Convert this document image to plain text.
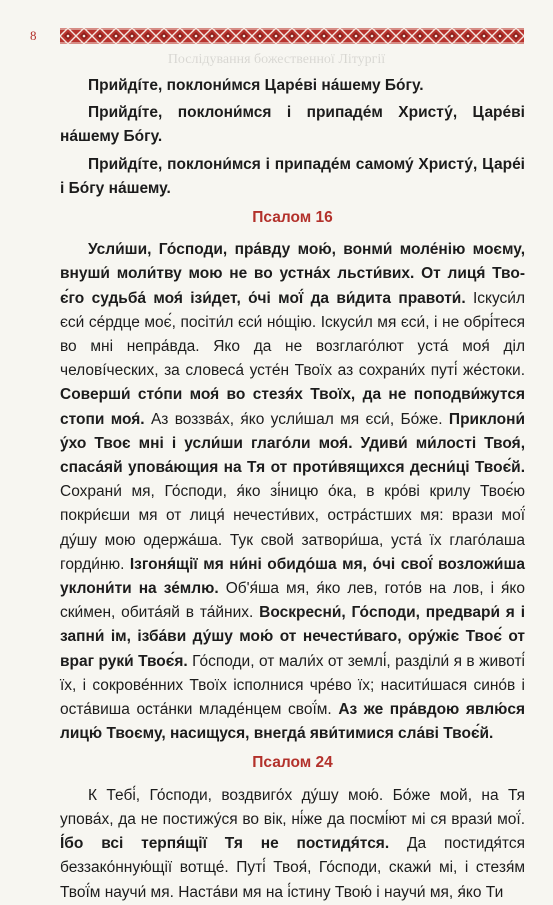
8
Послідування божественної Літургії

Прийдíте, поклони́мся Царе́ві на́шему Бо́гу.

Прийдíте, поклони́мся і припаде́м Христу́, Царе́ві на́шему Бо́гу.

Прийдíте, поклони́мся і припаде́м самому́ Христу́, Царе́і і Бо́гу на́шему.

Псалом 16

Усли́ши, Го́споди, пра́вду мою́, вонми́ моле́нію моєму, внуши́ моли́тву мою не во устна́х льсти́вих. От лиця́ Тво-є́го судьба́ моя́ ізи́дет, о́чі мої́ да ви́дита правоти́. Іскуси́л єси́ се́рдце моє́, посіти́л єси́ но́щію. Іскуси́л мя єси́, і не обрі́теся во мні непра́вда. Яко да не возглаго́лют уста́ моя́ діл человíческих, за словеса́ усте́н Твоїх аз сохрани́х путі́ же́стоки. Соверши́ сто́пи моя́ во стезя́х Твоїх, да не поподви́жутся стопи моя́. Аз воззва́х, я́ко усли́шал мя єси́, Бо́же. Приклони́ у́хо Твоє мні і усли́ши глаго́ли моя́. Удиви́ ми́лості Твоя́, спаса́яй упова́ющия на Тя от проти́вящихся десни́ці Твоє́й. Сохрани́ мя, Го́споди, я́ко зі́ницю о́ка, в кро́ві крилу Твоє́ю покри́єши мя от лиця́ нечести́вих, остра́стших мя: врази мої́ ду́шу мою одержа́ша. Тук свой затвори́ша, уста́ їх глаго́лаша горди́ню. Ізгоня́щії мя ни́ні обидо́ша мя, о́чі свої́ возложи́ша уклони́ти на зе́млю. Об'я́ша мя, я́ко лев, гото́в на лов, і я́ко ски́мен, обита́яй в та́йних. Воскресни́, Го́споди, предвари́ я і запни́ ім, ізба́ви ду́шу мою́ от нечести́ваго, ору́жіє Твоє́ от враг руки́ Твоє́я. Го́споди, от мали́х от землі́, разділи́ я в животі́ їх, і сокрове́нних Твоїх ісполнися чре́во їх; насити́шася сино́в і оста́виша оста́нки младе́нцем свої́м. Аз же пра́вдою явлю́ся лицю́ Твоєму, насищуся, внегда́ яви́тимися сла́ві Твоє́й.

Псалом 24

К Тебі́, Го́споди, воздвиго́х ду́шу мою́. Бо́же мой, на Тя упова́х, да не постижу́ся во вік, ні́же да посмі́ют мі ся врази́ мої́. І́бо всі терпя́щії Тя не постидя́тся. Да постидя́тся беззако́нную́щії вотще́. Путі́ Твоя́, Го́споди, скажи́ мі, і стезя́м Твої́м научи́ мя. Наста́ви мя на і́стину Твою́ і научи́ мя, я́ко Ти
